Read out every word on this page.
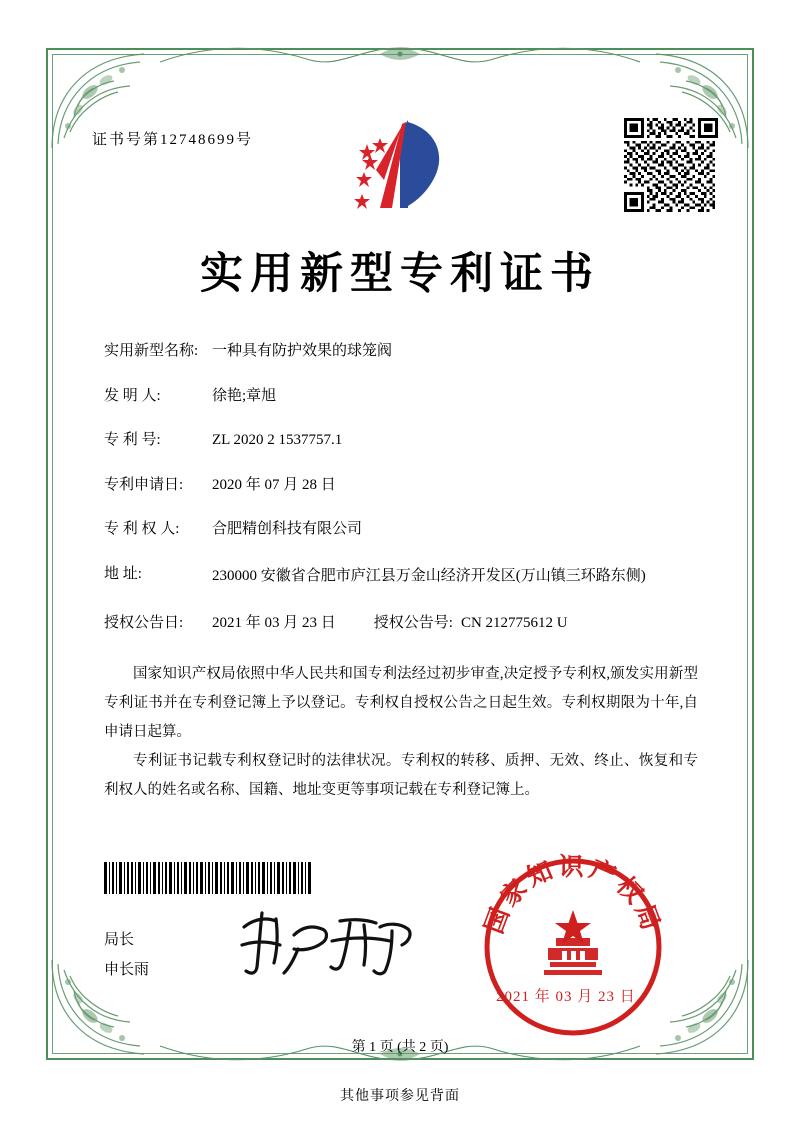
证书号第12748699号
实用新型专利证书
实用新型名称: 一种具有防护效果的球笼阀
发 明 人:	徐艳;章旭
专 利 号:	ZL 2020 2 1537757.1
专利申请日:	2020 年 07 月 28 日
专 利 权 人:	合肥精创科技有限公司
地 址:	230000 安徽省合肥市庐江县万金山经济开发区(万山镇三环路东侧)
授权公告日:	2021 年 03 月 23 日	授权公告号: CN 212775612 U

国家知识产权局依照中华人民共和国专利法经过初步审查,决定授予专利权,颁发实用新型专利证书并在专利登记簿上予以登记。专利权自授权公告之日起生效。专利权期限为十年,自申请日起算。

专利证书记载专利权登记时的法律状况。专利权的转移、质押、无效、终止、恢复和专利权人的姓名或名称、国籍、地址变更等事项记载在专利登记簿上。

局长
申长雨
国家知识产权局

2021 年 03 月 23 日
第 1 页 (共 2 页)
其他事项参见背面
